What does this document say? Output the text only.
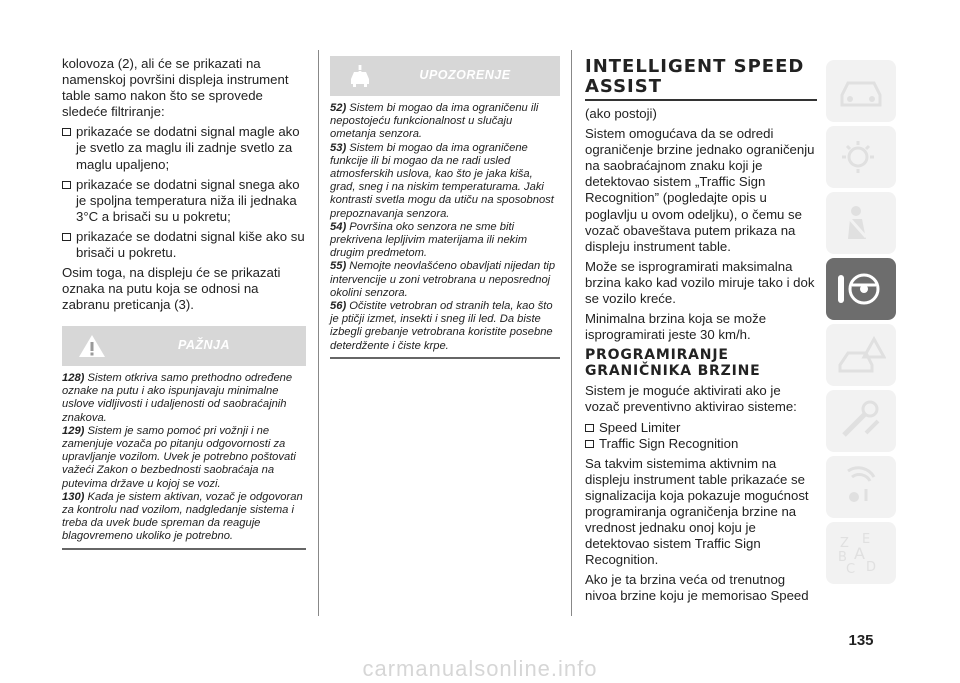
kolovoza (2), ali će se prikazati na namenskoj površini displeja instrument table samo nakon što se sprovede sledeće filtriranje:

prikazaće se dodatni signal magle ako je svetlo za maglu ili zadnje svetlo za maglu upaljeno;

prikazaće se dodatni signal snega ako je spoljna temperatura niža ili jednaka 3°C a brisači su u pokretu;

prikazaće se dodatni signal kiše ako su brisači u pokretu.

Osim toga, na displeju će se prikazati oznaka na putu koja se odnosi na zabranu preticanja (3).

PAŽNJA

128) Sistem otkriva samo prethodno određene oznake na putu i ako ispunjavaju minimalne uslove vidljivosti i udaljenosti od saobraćajnih znakova.

129) Sistem je samo pomoć pri vožnji i ne zamenjuje vozača po pitanju odgovornosti za upravljanje vozilom. Uvek je potrebno poštovati važeći Zakon o bezbednosti saobraćaja na putevima države u kojoj se vozi.

130) Kada je sistem aktivan, vozač je odgovoran za kontrolu nad vozilom, nadgledanje sistema i treba da uvek bude spreman da reaguje blagovremeno ukoliko je potrebno.

UPOZORENJE

52) Sistem bi mogao da ima ograničenu ili nepostojeću funkcionalnost u slučaju ometanja senzora.

53) Sistem bi mogao da ima ograničene funkcije ili bi mogao da ne radi usled atmosferskih uslova, kao što je jaka kiša, grad, sneg i na niskim temperaturama. Jaki kontrasti svetla mogu da utiču na sposobnost prepoznavanja senzora.

54) Površina oko senzora ne sme biti prekrivena lepljivim materijama ili nekim drugim predmetom.

55) Nemojte neovlašćeno obavljati nijedan tip intervencije u zoni vetrobrana u neposrednoj okolini senzora.

56) Očistite vetrobran od stranih tela, kao što je ptičji izmet, insekti i sneg ili led. Da biste izbegli grebanje vetrobrana koristite posebne deterdžente i čiste krpe.

INTELLIGENT SPEED ASSIST

(ako postoji)

Sistem omogućava da se odredi ograničenje brzine jednako ograničenju na saobraćajnom znaku koji je detektovao sistem „Traffic Sign Recognition” (pogledajte opis u poglavlju u ovom odeljku), o čemu se vozač obaveštava putem prikaza na displeju instrument table.

Može se isprogramirati maksimalna brzina kako kad vozilo miruje tako i dok se vozilo kreće.

Minimalna brzina koja se može isprogramirati jeste 30 km/h.

PROGRAMIRANJE GRANIČNIKA BRZINE

Sistem je moguće aktivirati ako je vozač preventivno aktivirao sisteme:

Speed Limiter

Traffic Sign Recognition

Sa takvim sistemima aktivnim na displeju instrument table prikazaće se signalizacija koja pokazuje mogućnost programiranja ograničenja brzine na vrednost jednaku onoj koju je detektovao sistem Traffic Sign Recognition.

Ako je ta brzina veća od trenutnog nivoa brzine koju je memorisao Speed

Z E
B A
C D
135
carmanualsonline.info
